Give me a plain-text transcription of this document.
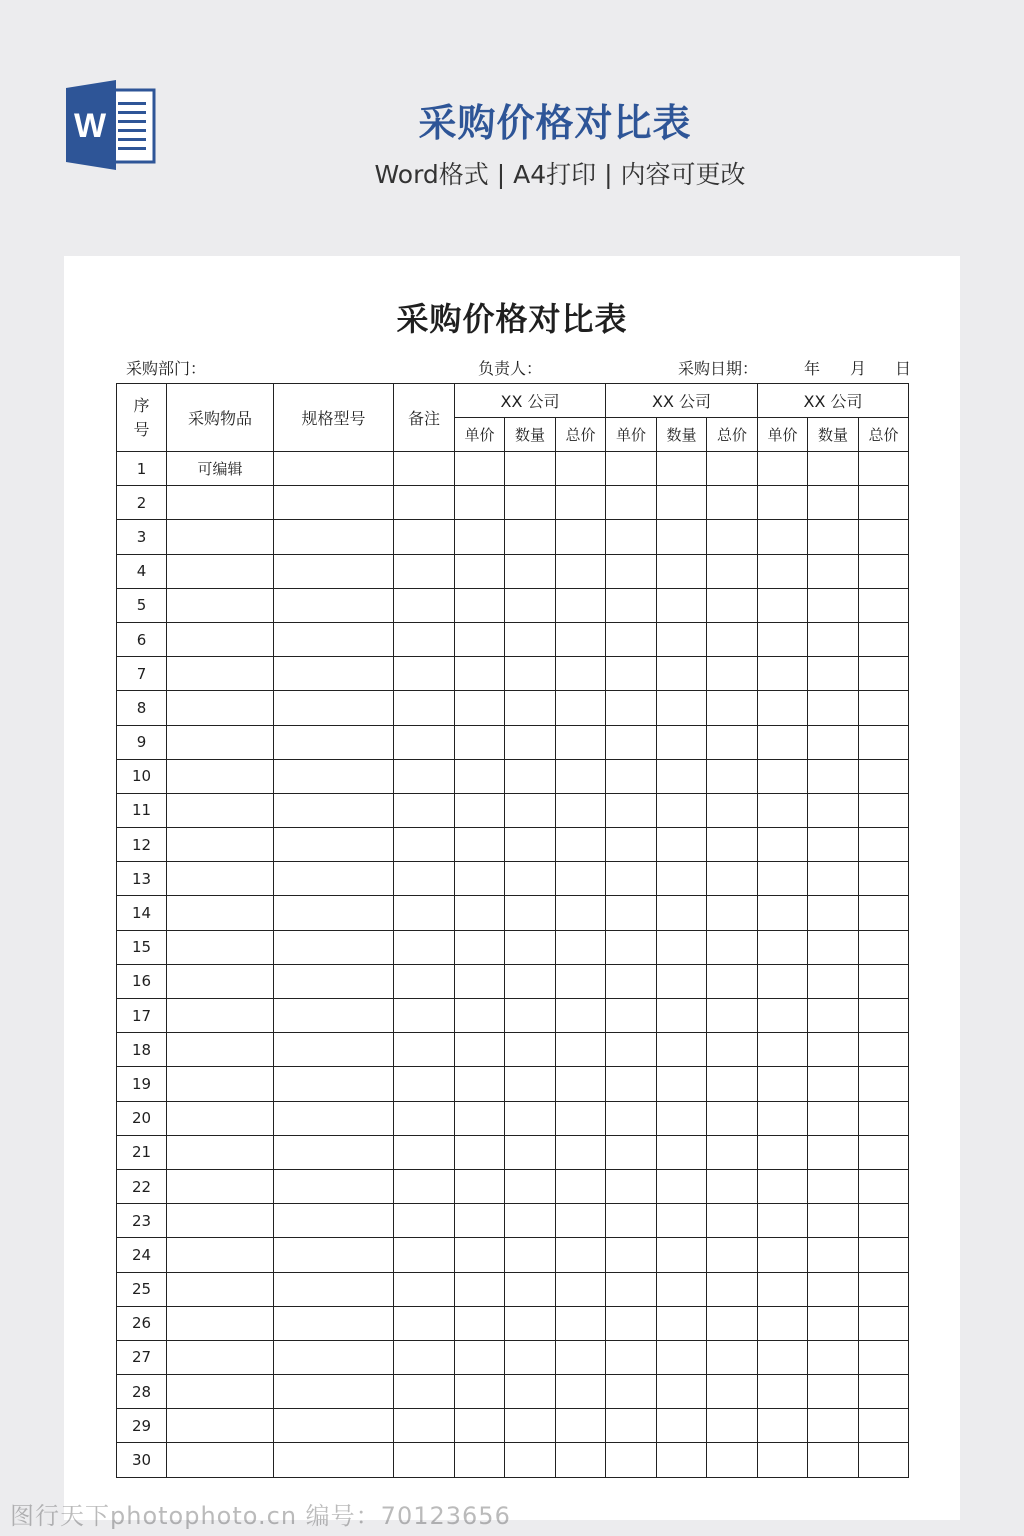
W	采购价格对比表
Word格式 | A4打印 | 内容可更改
采购价格对比表
采购部门：	负责人：	采购日期：	年 月 日
序
号	采购物品	规格型号	备注	XX 公司			XX 公司			XX 公司		
				单价	数量	总价	单价	数量	总价	单价	数量	总价
1	可编辑											
2												
3												
4												
5												
6												
7												
8												
9												
10												
11												
12												
13												
14												
15												
16												
17												
18												
19												
20												
21												
22												
23												
24												
25												
26												
27												
28												
29												
30												
图行天下photophoto.cn 编号：70123656
